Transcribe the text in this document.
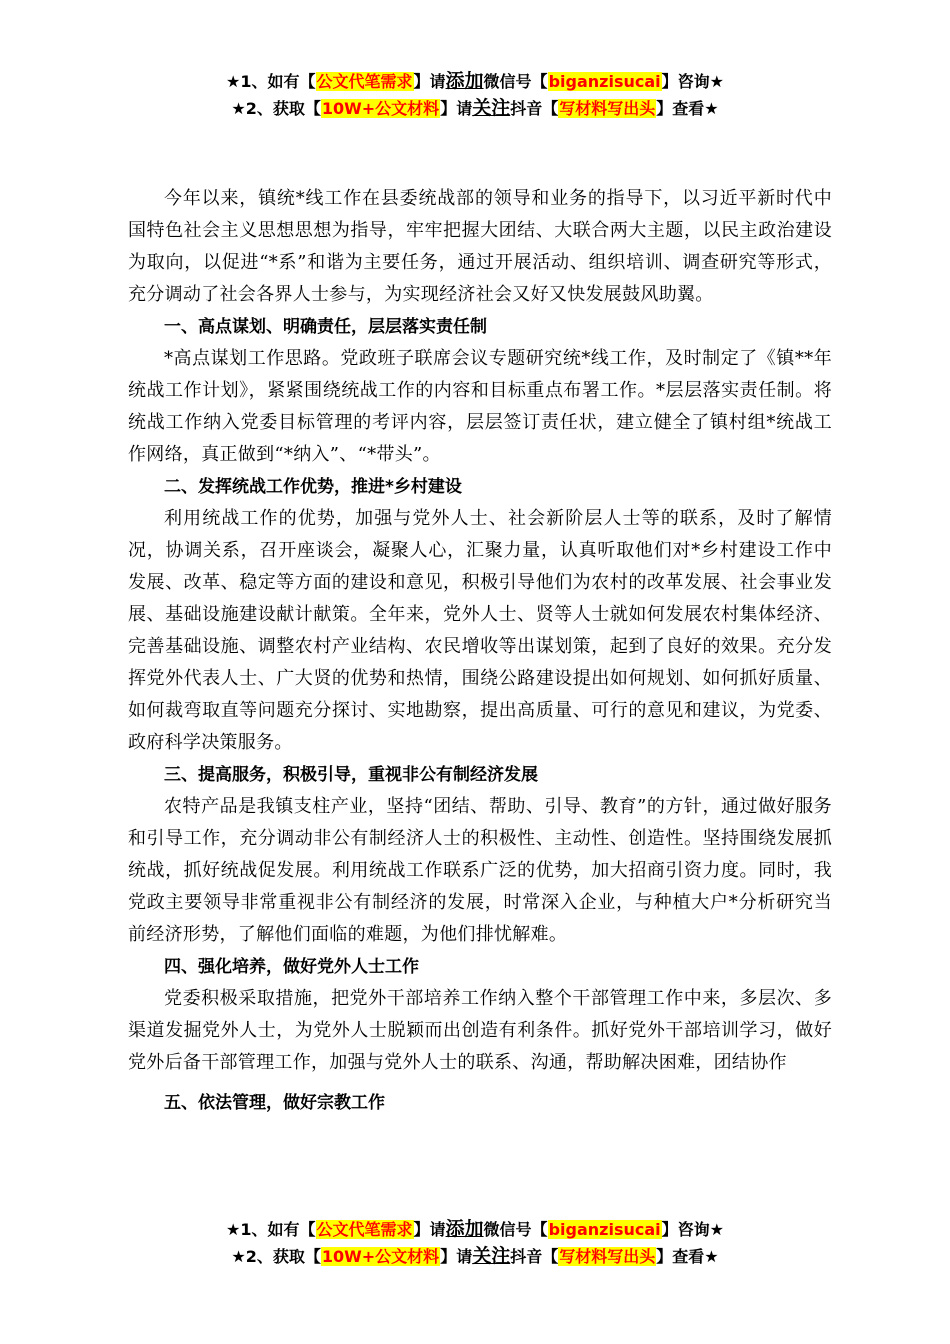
★1、如有【公文代笔需求】请添加微信号【biganzisucai】咨询★
★2、获取【10W+公文材料】请关注抖音【写材料写出头】查看★

今年以来，镇统*线工作在县委统战部的领导和业务的指导下，以习近平新时代中国特色社会主义思想思想为指导，牢牢把握大团结、大联合两大主题，以民主政治建设为取向，以促进“*系”和谐为主要任务，通过开展活动、组织培训、调查研究等形式，充分调动了社会各界人士参与，为实现经济社会又好又快发展鼓风助翼。

一、高点谋划、明确责任，层层落实责任制

*高点谋划工作思路。党政班子联席会议专题研究统*线工作，及时制定了《镇**年统战工作计划》，紧紧围绕统战工作的内容和目标重点布署工作。*层层落实责任制。将统战工作纳入党委目标管理的考评内容，层层签订责任状，建立健全了镇村组*统战工作网络，真正做到“*纳入”、“*带头”。

二、发挥统战工作优势，推进*乡村建设

利用统战工作的优势，加强与党外人士、社会新阶层人士等的联系，及时了解情况，协调关系，召开座谈会，凝聚人心，汇聚力量，认真听取他们对*乡村建设工作中发展、改革、稳定等方面的建设和意见，积极引导他们为农村的改革发展、社会事业发展、基础设施建设献计献策。全年来，党外人士、贤等人士就如何发展农村集体经济、完善基础设施、调整农村产业结构、农民增收等出谋划策，起到了良好的效果。充分发挥党外代表人士、广大贤的优势和热情，围绕公路建设提出如何规划、如何抓好质量、如何裁弯取直等问题充分探讨、实地勘察，提出高质量、可行的意见和建议，为党委、政府科学决策服务。

三、提高服务，积极引导，重视非公有制经济发展

农特产品是我镇支柱产业，坚持“团结、帮助、引导、教育”的方针，通过做好服务和引导工作，充分调动非公有制经济人士的积极性、主动性、创造性。坚持围绕发展抓统战，抓好统战促发展。利用统战工作联系广泛的优势，加大招商引资力度。同时，我党政主要领导非常重视非公有制经济的发展，时常深入企业，与种植大户*分析研究当前经济形势，了解他们面临的难题，为他们排忧解难。

四、强化培养，做好党外人士工作

党委积极采取措施，把党外干部培养工作纳入整个干部管理工作中来，多层次、多渠道发掘党外人士，为党外人士脱颖而出创造有利条件。抓好党外干部培训学习，做好党外后备干部管理工作，加强与党外人士的联系、沟通，帮助解决困难，团结协作

五、依法管理，做好宗教工作

★1、如有【公文代笔需求】请添加微信号【biganzisucai】咨询★
★2、获取【10W+公文材料】请关注抖音【写材料写出头】查看★
